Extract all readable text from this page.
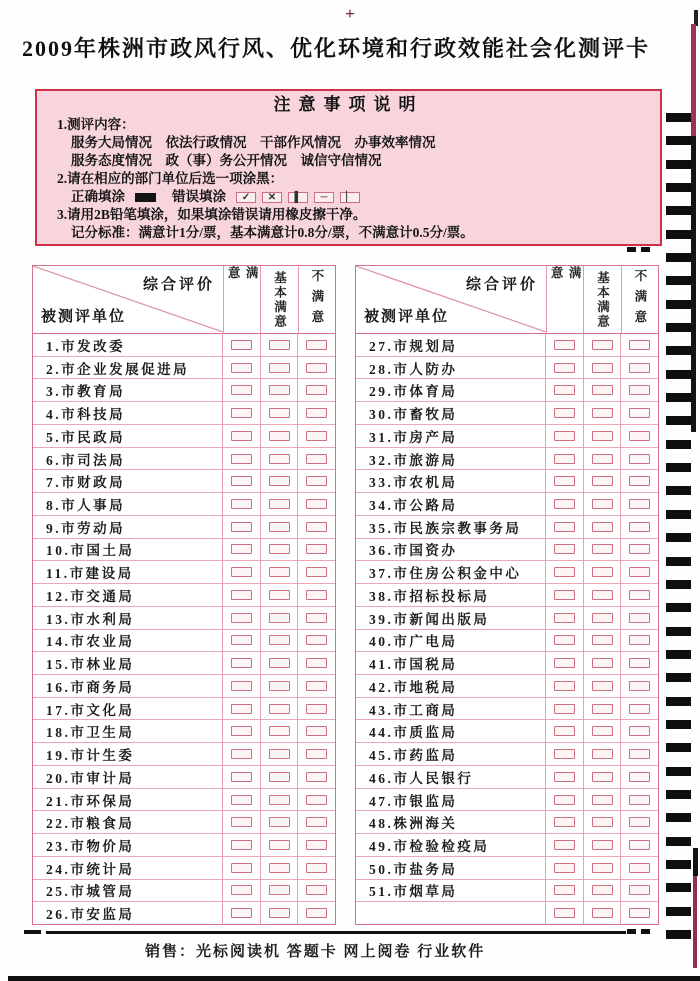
+
2009年株洲市政风行风、优化环境和行政效能社会化测评卡
注意事项说明

1.测评内容：

服务大局情况　依法行政情况　干部作风情况　办事效率情况

服务态度情况　政（事）务公开情况　诚信守信情况

2.请在相应的部门单位后选一项涂黑：

正确填涂	错误填涂	✓	✕	▌	─	▏

3.请用2B铅笔填涂，如果填涂错误请用橡皮擦干净。

记分标准：满意计1分/票，基本满意计0.8分/票，不满意计0.5分/票。

综合评价
被测评单位
满意	基本满意 不满意
1.市发改委
2.市企业发展促进局
3.市教育局
4.市科技局
5.市民政局
6.市司法局
7.市财政局
8.市人事局
9.市劳动局
10.市国土局
11.市建设局
12.市交通局
13.市水利局
14.市农业局
15.市林业局
16.市商务局
17.市文化局
18.市卫生局
19.市计生委
20.市审计局
21.市环保局
22.市粮食局
23.市物价局
24.市统计局
25.市城管局
26.市安监局
综合评价
被测评单位
满意	基本满意 不满意
27.市规划局
28.市人防办
29.市体育局
30.市畜牧局
31.市房产局
32.市旅游局
33.市农机局
34.市公路局
35.市民族宗教事务局
36.市国资办
37.市住房公积金中心
38.市招标投标局
39.市新闻出版局
40.市广电局
41.市国税局
42.市地税局
43.市工商局
44.市质监局
45.市药监局
46.市人民银行
47.市银监局
48.株洲海关
49.市检验检疫局
50.市盐务局
51.市烟草局
销售：光标阅读机 答题卡 网上阅卷 行业软件
